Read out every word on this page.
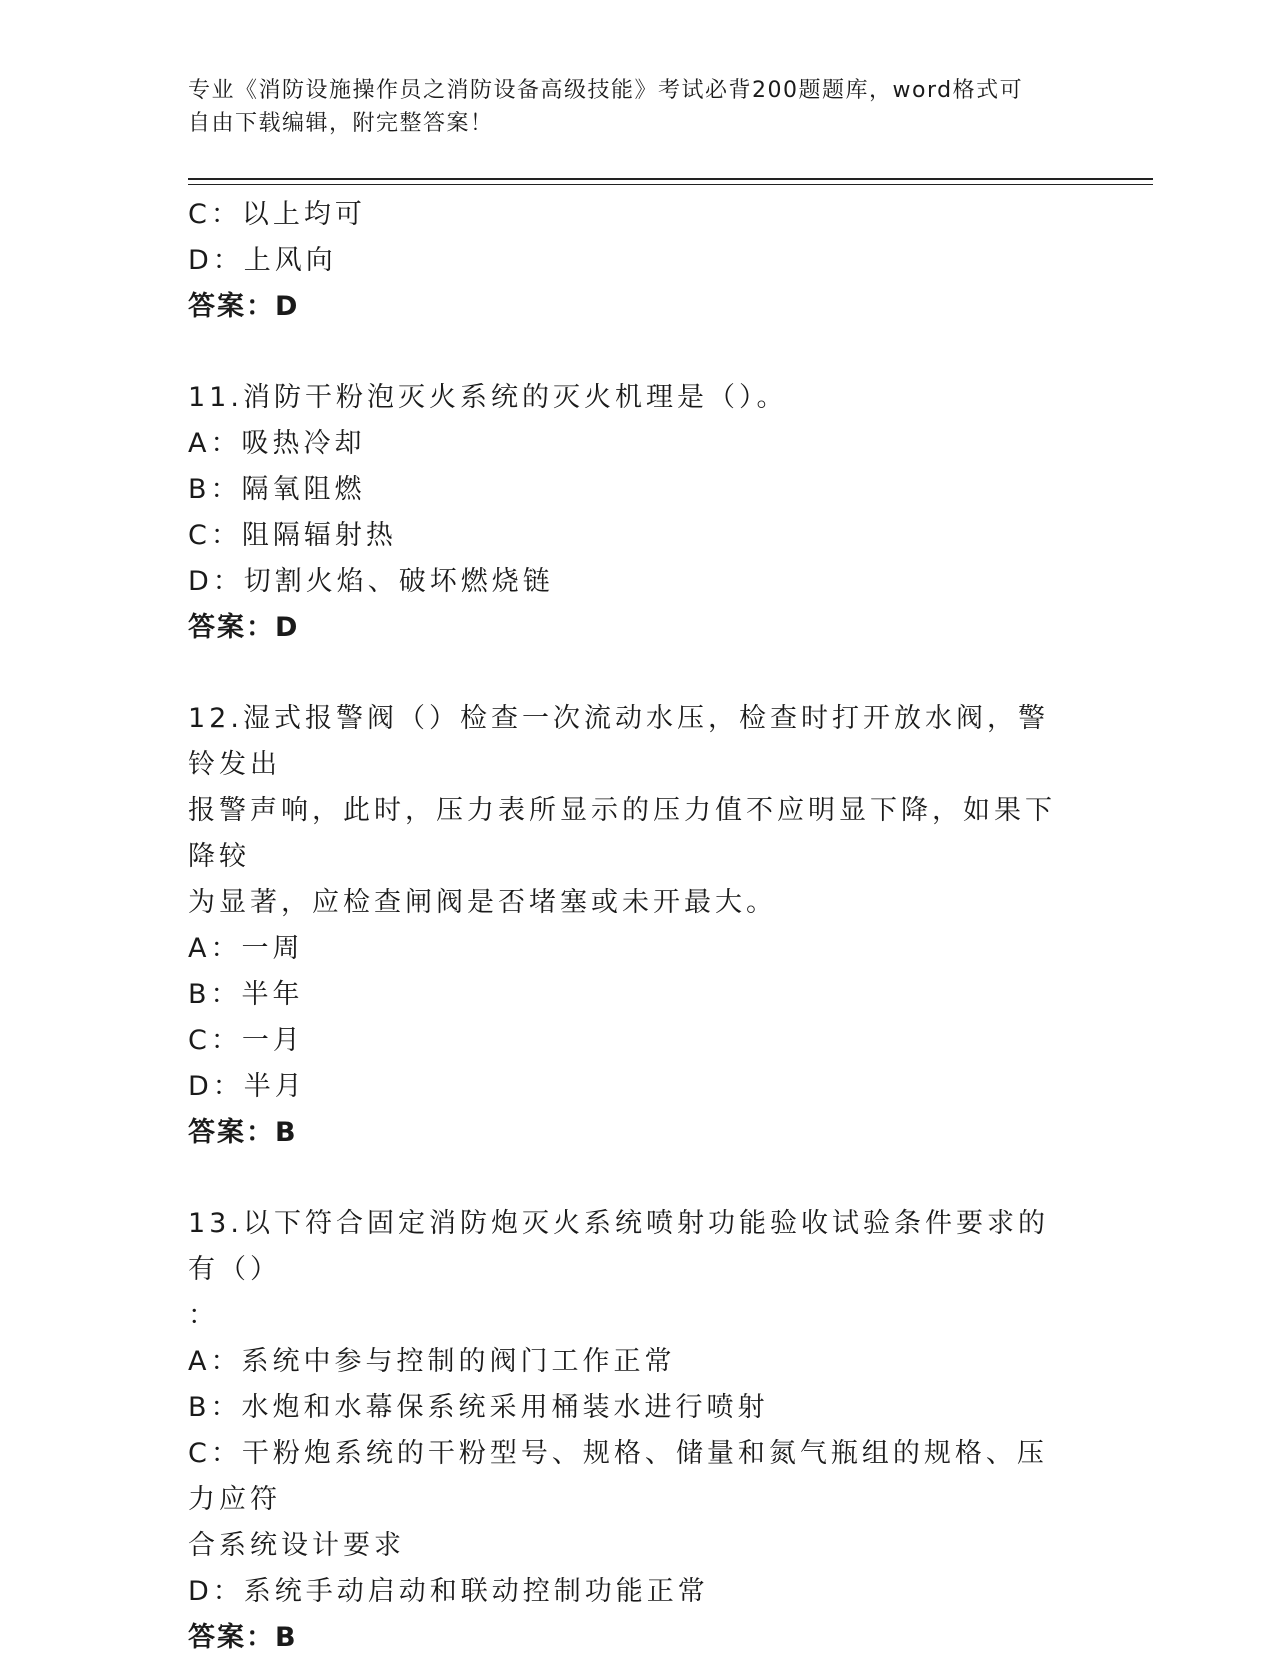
专业《消防设施操作员之消防设备高级技能》考试必背200题题库，word格式可
自由下载编辑，附完整答案！

C：以上均可

D：上风向

答案：D

11.消防干粉泡灭火系统的灭火机理是（）。

A：吸热冷却

B：隔氧阻燃

C：阻隔辐射热

D：切割火焰、破坏燃烧链

答案：D

12.湿式报警阀（）检查一次流动水压，检查时打开放水阀，警铃发出

报警声响，此时，压力表所显示的压力值不应明显下降，如果下降较

为显著，应检查闸阀是否堵塞或未开最大。

A：一周

B：半年

C：一月

D：半月

答案：B

13.以下符合固定消防炮灭火系统喷射功能验收试验条件要求的有（）

：

A：系统中参与控制的阀门工作正常

B：水炮和水幕保系统采用桶装水进行喷射

C：干粉炮系统的干粉型号、规格、储量和氮气瓶组的规格、压力应符

合系统设计要求

D：系统手动启动和联动控制功能正常

答案：B
